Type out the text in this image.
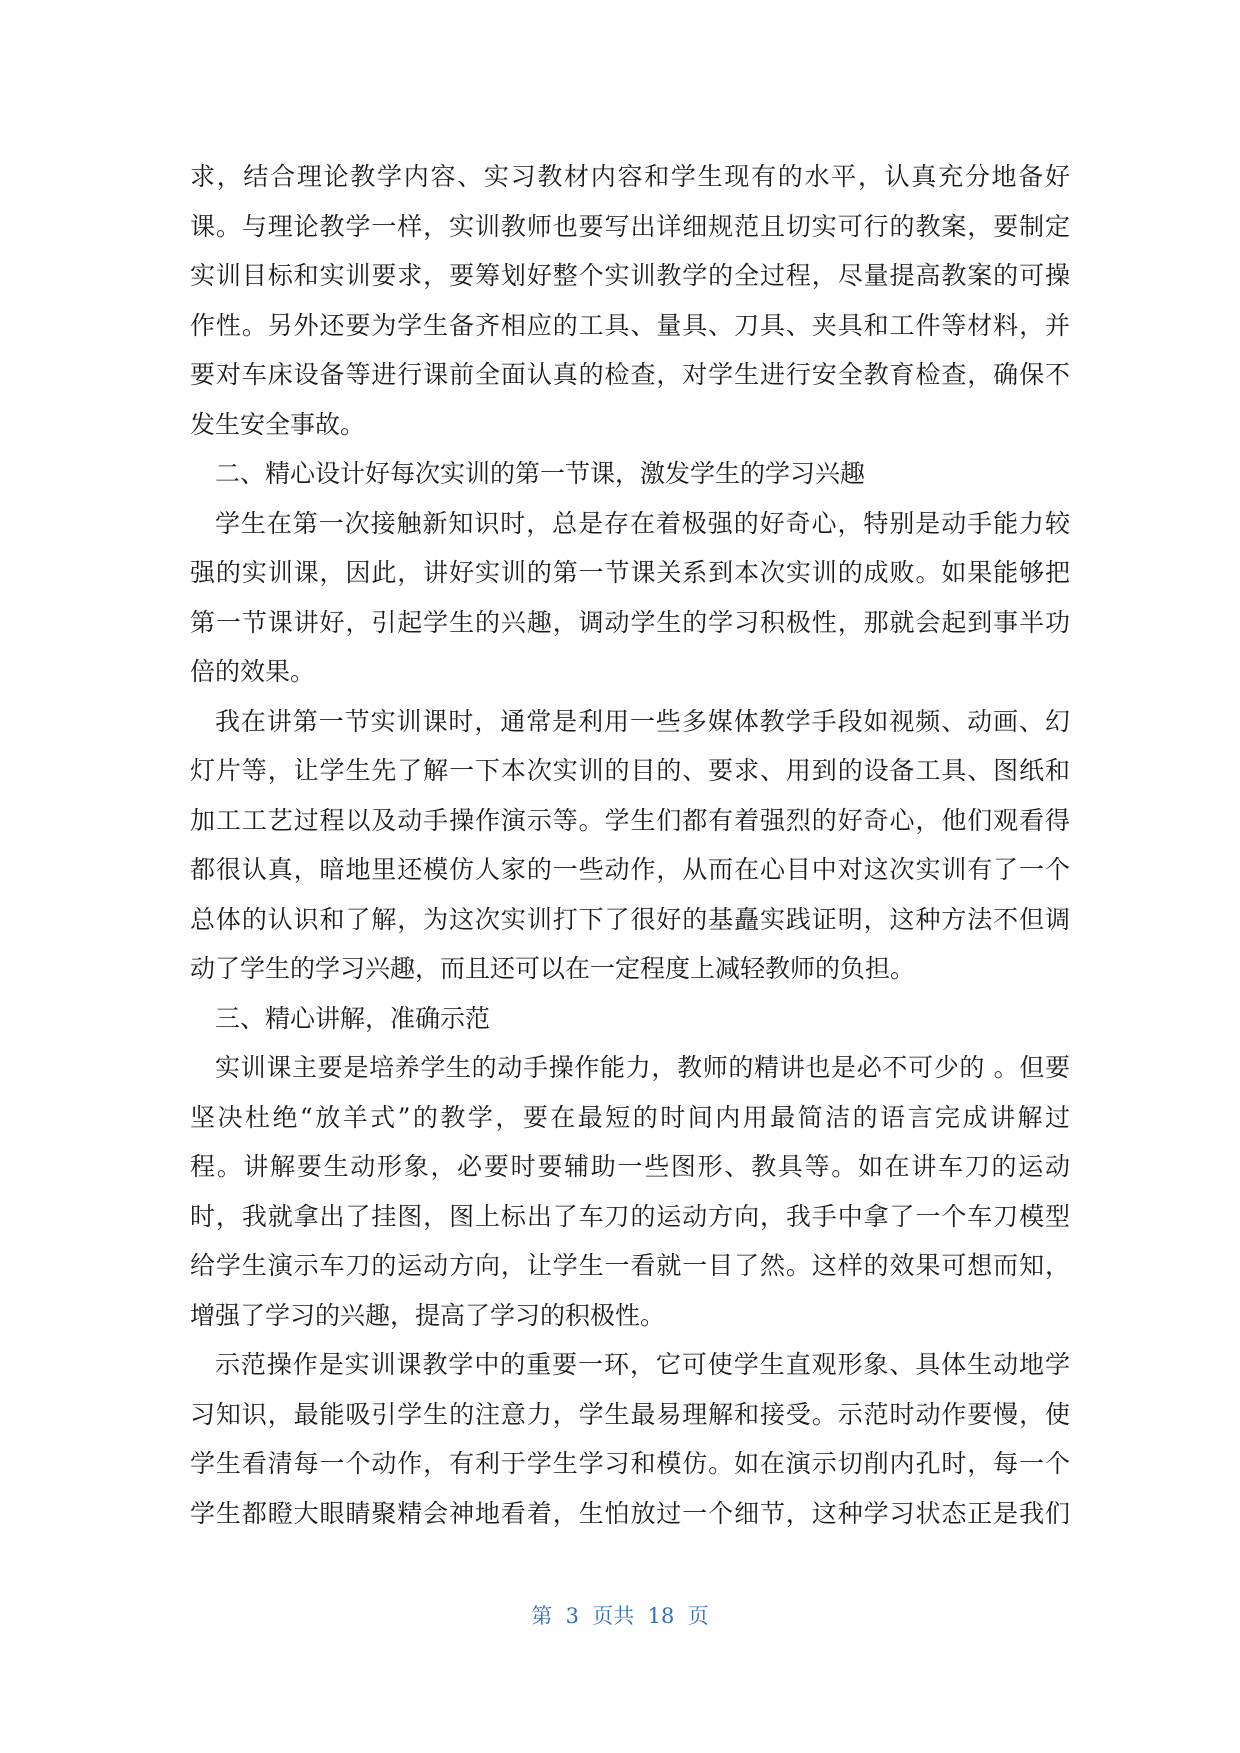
求，结合理论教学内容、实习教材内容和学生现有的水平，认真充分地备好
课。与理论教学一样，实训教师也要写出详细规范且切实可行的教案，要制定
实训目标和实训要求，要筹划好整个实训教学的全过程，尽量提高教案的可操
作性。另外还要为学生备齐相应的工具、量具、刀具、夹具和工件等材料，并
要对车床设备等进行课前全面认真的检查，对学生进行安全教育检查，确保不
发生安全事故。
二、精心设计好每次实训的第一节课，激发学生的学习兴趣
学生在第一次接触新知识时，总是存在着极强的好奇心，特别是动手能力较
强的实训课，因此，讲好实训的第一节课关系到本次实训的成败。如果能够把
第一节课讲好，引起学生的兴趣，调动学生的学习积极性，那就会起到事半功
倍的效果。
我在讲第一节实训课时，通常是利用一些多媒体教学手段如视频、动画、幻
灯片等，让学生先了解一下本次实训的目的、要求、用到的设备工具、图纸和
加工工艺过程以及动手操作演示等。学生们都有着强烈的好奇心，他们观看得
都很认真，暗地里还模仿人家的一些动作，从而在心目中对这次实训有了一个
总体的认识和了解，为这次实训打下了很好的基矗实践证明，这种方法不但调
动了学生的学习兴趣，而且还可以在一定程度上减轻教师的负担。
三、精心讲解，准确示范
实训课主要是培养学生的动手操作能力，教师的精讲也是必不可少的 。但要
坚决杜绝“放羊式”的教学，要在最短的时间内用最简洁的语言完成讲解过
程。讲解要生动形象，必要时要辅助一些图形、教具等。如在讲车刀的运动
时，我就拿出了挂图，图上标出了车刀的运动方向，我手中拿了一个车刀模型
给学生演示车刀的运动方向，让学生一看就一目了然。这样的效果可想而知，
增强了学习的兴趣，提高了学习的积极性。
示范操作是实训课教学中的重要一环，它可使学生直观形象、具体生动地学
习知识，最能吸引学生的注意力，学生最易理解和接受。示范时动作要慢，使
学生看清每一个动作，有利于学生学习和模仿。如在演示切削内孔时，每一个
学生都瞪大眼睛聚精会神地看着，生怕放过一个细节，这种学习状态正是我们
第  3  页共  18  页
